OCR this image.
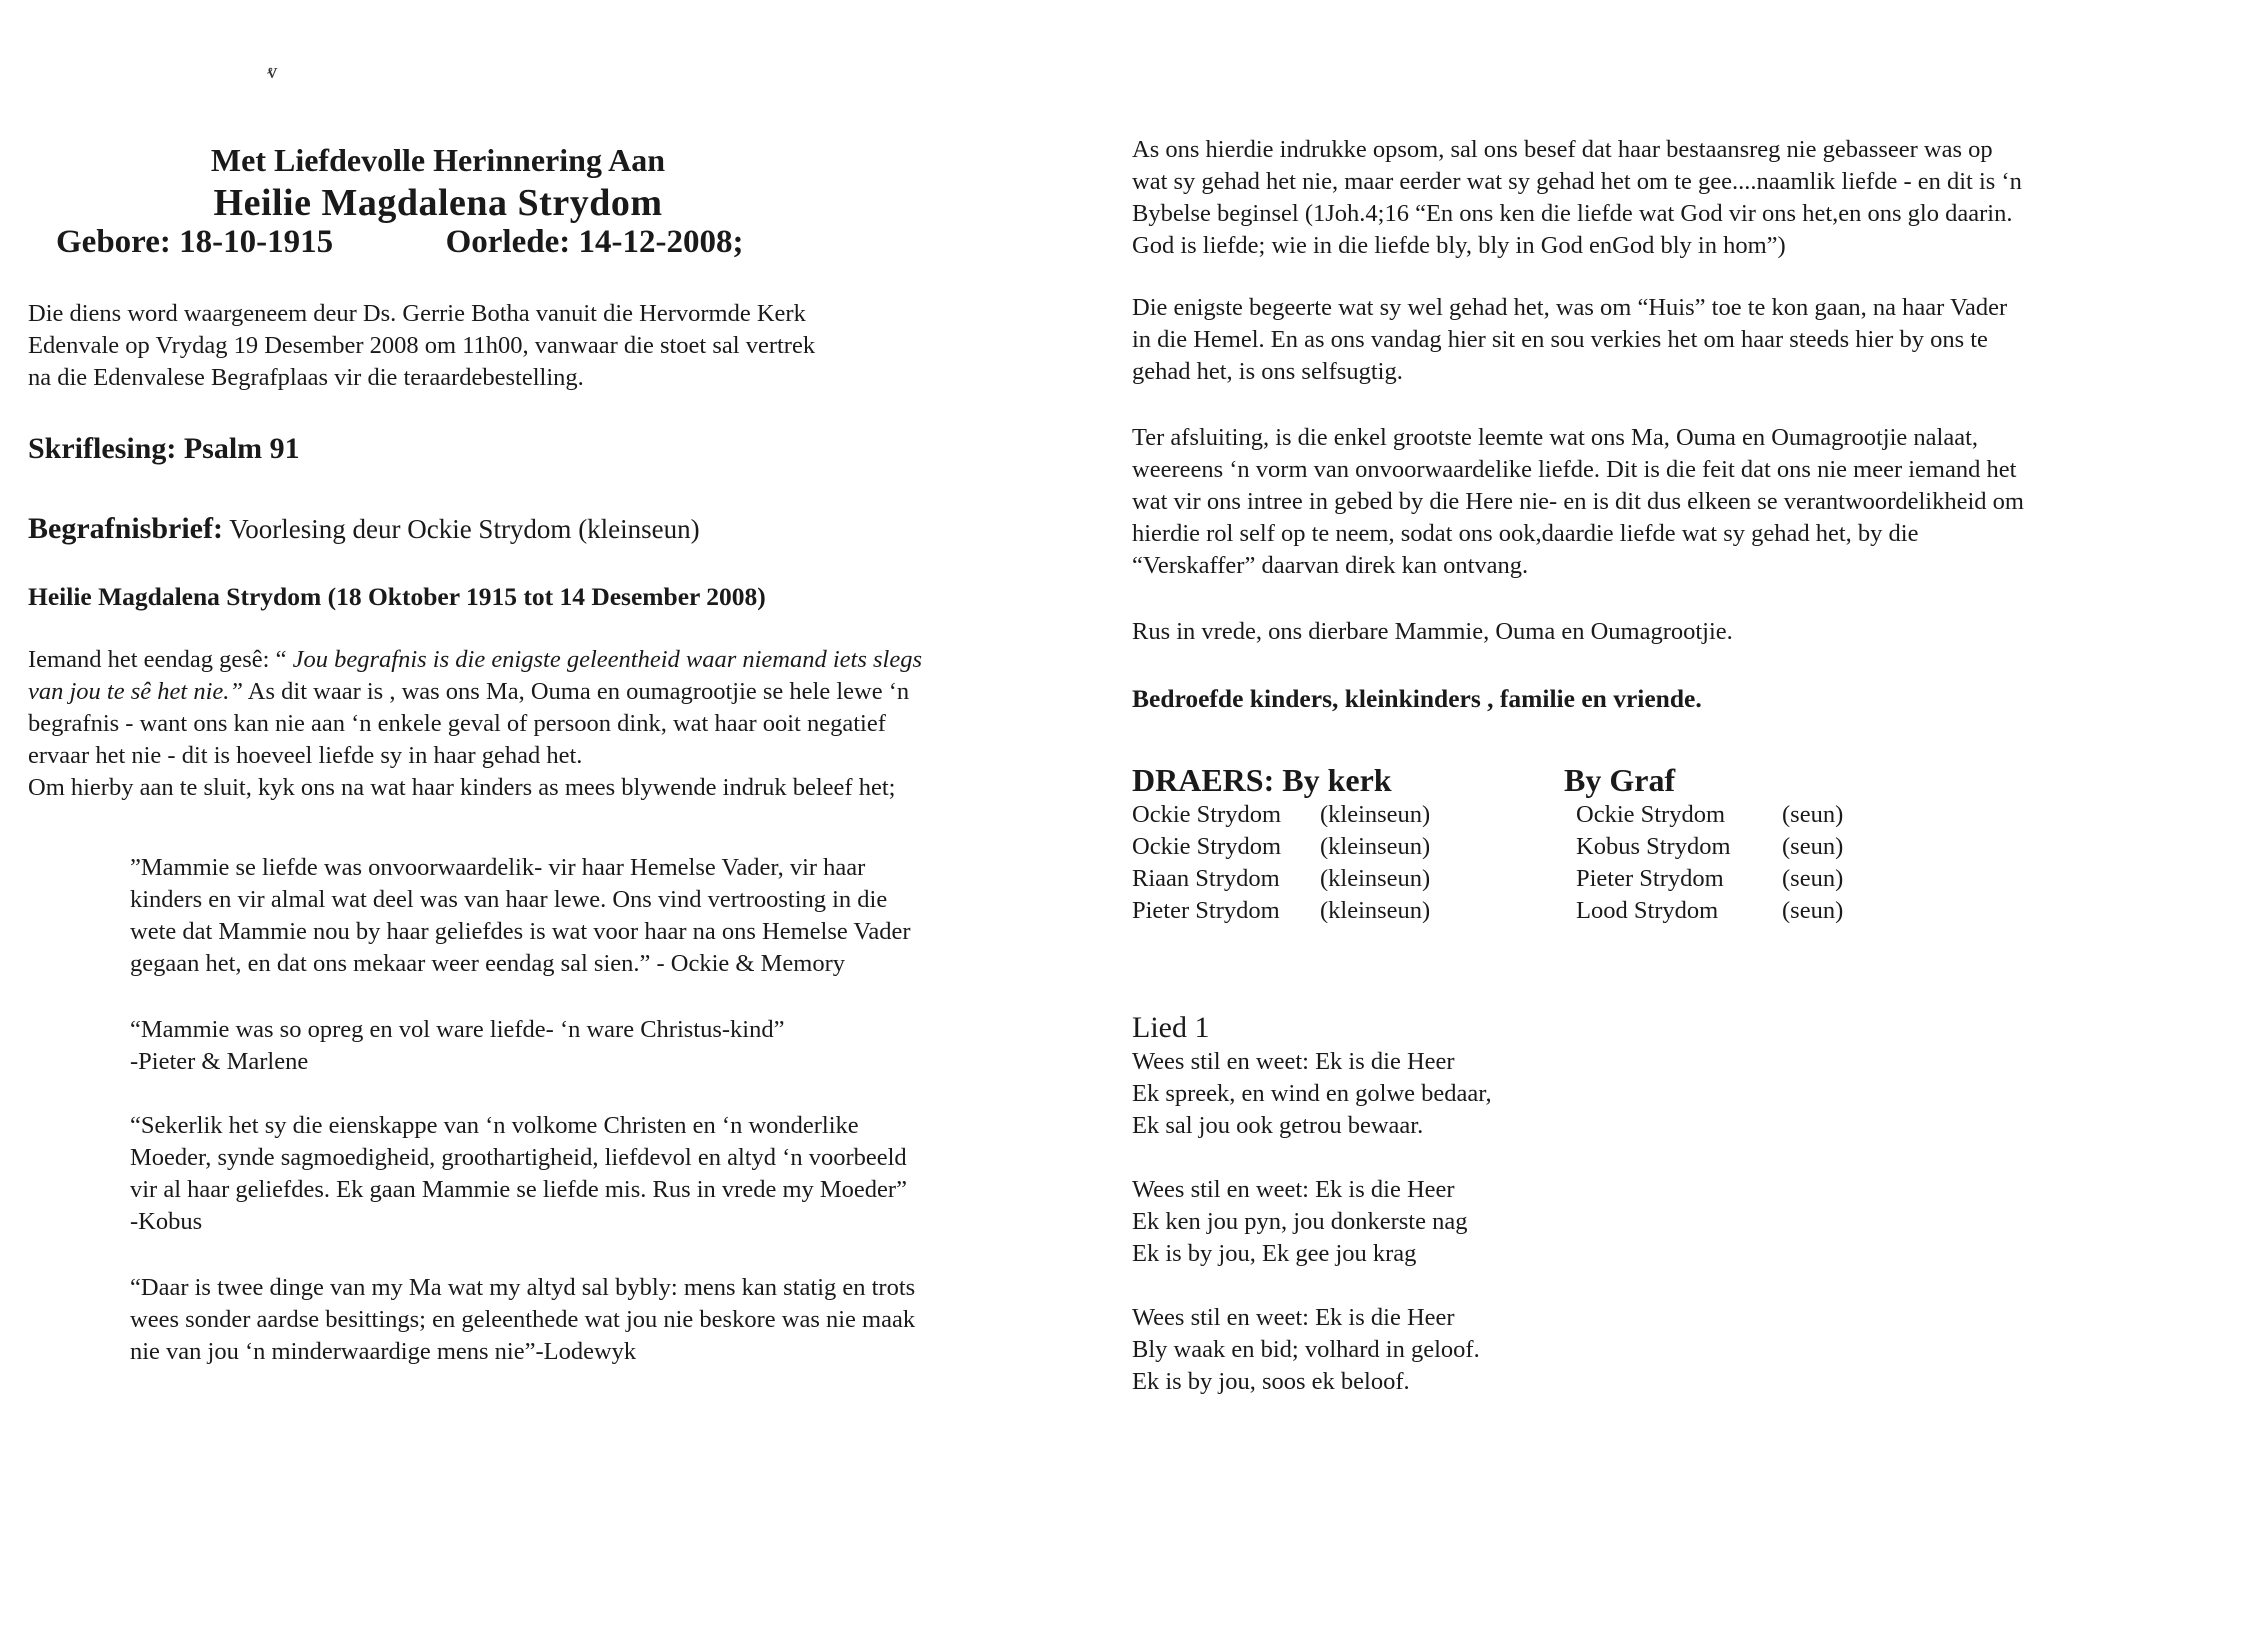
ⱴ
Met Liefdevolle Herinnering Aan
Heilie Magdalena Strydom
Gebore: 18-10-1915	Oorlede: 14-12-2008;

Die diens word waargeneem deur Ds. Gerrie Botha vanuit die Hervormde Kerk

Edenvale op Vrydag 19 Desember 2008 om 11h00, vanwaar die stoet sal vertrek

na die Edenvalese Begrafplaas vir die teraardebestelling.

Skriflesing: Psalm 91
Begrafnisbrief: Voorlesing deur Ockie Strydom (kleinseun)
Heilie Magdalena Strydom (18 Oktober 1915 tot 14 Desember 2008)

Iemand het eendag gesê: “ Jou begrafnis is die enigste geleentheid waar niemand iets slegs

van jou te sê het nie.” As dit waar is , was ons Ma, Ouma en oumagrootjie se hele lewe ‘n

begrafnis - want ons kan nie aan ‘n enkele geval of persoon dink, wat haar ooit negatief

ervaar het nie - dit is hoeveel liefde sy in haar gehad het.

Om hierby aan te sluit, kyk ons na wat haar kinders as mees blywende indruk beleef het;

”Mammie se liefde was onvoorwaardelik- vir haar Hemelse Vader, vir haar

kinders en vir almal wat deel was van haar lewe. Ons vind vertroosting in die

wete dat Mammie nou by haar geliefdes is wat voor haar na ons Hemelse Vader

gegaan het, en dat ons mekaar weer eendag sal sien.” - Ockie & Memory

“Mammie was so opreg en vol ware liefde- ‘n ware Christus-kind”

-Pieter & Marlene

“Sekerlik het sy die eienskappe van ‘n volkome Christen en ‘n wonderlike

Moeder, synde sagmoedigheid, groothartigheid, liefdevol en altyd ‘n voorbeeld

vir al haar geliefdes. Ek gaan Mammie se liefde mis. Rus in vrede my Moeder”

-Kobus

“Daar is twee dinge van my Ma wat my altyd sal bybly: mens kan statig en trots

wees sonder aardse besittings; en geleenthede wat jou nie beskore was nie maak

nie van jou ‘n minderwaardige mens nie”-Lodewyk

As ons hierdie indrukke opsom, sal ons besef dat haar bestaansreg nie gebasseer was op

wat sy gehad het nie, maar eerder wat sy gehad het om te gee....naamlik liefde - en dit is ‘n

Bybelse beginsel (1Joh.4;16 “En ons ken die liefde wat God vir ons het,en ons glo daarin.

God is liefde; wie in die liefde bly, bly in God enGod bly in hom”)

Die enigste begeerte wat sy wel gehad het, was om “Huis” toe te kon gaan, na haar Vader

in die Hemel. En as ons vandag hier sit en sou verkies het om haar steeds hier by ons te

gehad het, is ons selfsugtig.

Ter afsluiting, is die enkel grootste leemte wat ons Ma, Ouma en Oumagrootjie nalaat,

weereens ‘n vorm van onvoorwaardelike liefde. Dit is die feit dat ons nie meer iemand het

wat vir ons intree in gebed by die Here nie- en is dit dus elkeen se verantwoordelikheid om

hierdie rol self op te neem, sodat ons ook,daardie liefde wat sy gehad het, by die

“Verskaffer” daarvan direk kan ontvang.

Rus in vrede, ons dierbare Mammie, Ouma en Oumagrootjie.

Bedroefde kinders, kleinkinders , familie en vriende.
DRAERS: By kerk
Ockie Strydom	(kleinseun)
Ockie Strydom	(kleinseun)
Riaan Strydom	(kleinseun)
Pieter Strydom	(kleinseun)
By Graf
Ockie Strydom	(seun)
Kobus Strydom	(seun)
Pieter Strydom	(seun)
Lood Strydom	(seun)
Lied 1

Wees stil en weet: Ek is die Heer

Ek spreek, en wind en golwe bedaar,

Ek sal jou ook getrou bewaar.

Wees stil en weet: Ek is die Heer

Ek ken jou pyn, jou donkerste nag

Ek is by jou, Ek gee jou krag

Wees stil en weet: Ek is die Heer

Bly waak en bid; volhard in geloof.

Ek is by jou, soos ek beloof.
